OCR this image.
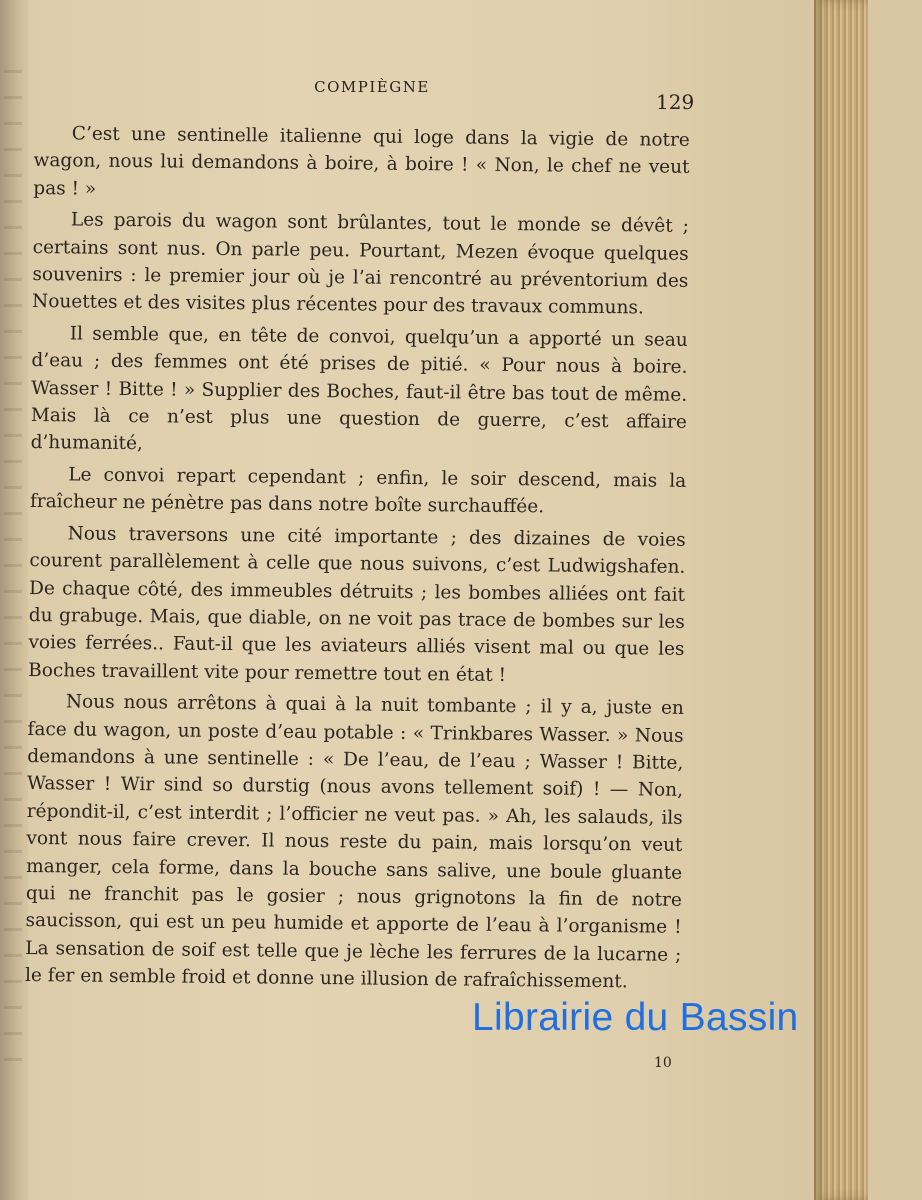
COMPIÈGNE
129

C’est une sentinelle italienne qui loge dans la vigie de notre wagon, nous lui demandons à boire, à boire ! « Non, le chef ne veut pas ! »

Les parois du wagon sont brûlantes, tout le monde se dévêt ; certains sont nus. On parle peu. Pourtant, Mezen évoque quelques souvenirs : le premier jour où je l’ai rencontré au préventorium des Nouettes et des visites plus récentes pour des travaux communs.

Il semble que, en tête de convoi, quelqu’un a apporté un seau d’eau ; des femmes ont été prises de pitié. « Pour nous à boire. Wasser ! Bitte ! » Supplier des Boches, faut-il être bas tout de même. Mais là ce n’est plus une question de guerre, c’est affaire d’humanité,

Le convoi repart cependant ; enfin, le soir descend, mais la fraîcheur ne pénètre pas dans notre boîte surchauffée.

Nous traversons une cité importante ; des dizaines de voies courent parallèlement à celle que nous suivons, c’est Ludwigshafen. De chaque côté, des immeubles détruits ; les bombes alliées ont fait du grabuge. Mais, que diable, on ne voit pas trace de bombes sur les voies ferrées.. Faut-il que les aviateurs alliés visent mal ou que les Boches travaillent vite pour remettre tout en état !

Nous nous arrêtons à quai à la nuit tombante ; il y a, juste en face du wagon, un poste d’eau potable : « Trinkbares Wasser. » Nous demandons à une sentinelle : « De l’eau, de l’eau ; Wasser ! Bitte, Wasser ! Wir sind so durstig (nous avons tellement soif) ! — Non, répondit-il, c’est interdit ; l’officier ne veut pas. » Ah, les salauds, ils vont nous faire crever. Il nous reste du pain, mais lorsqu’on veut manger, cela forme, dans la bouche sans salive, une boule gluante qui ne franchit pas le gosier ; nous grignotons la fin de notre saucisson, qui est un peu humide et apporte de l’eau à l’organisme ! La sensation de soif est telle que je lèche les ferrures de la lucarne ; le fer en semble froid et donne une illusion de rafraîchissement.

10
Librairie du Bassin
